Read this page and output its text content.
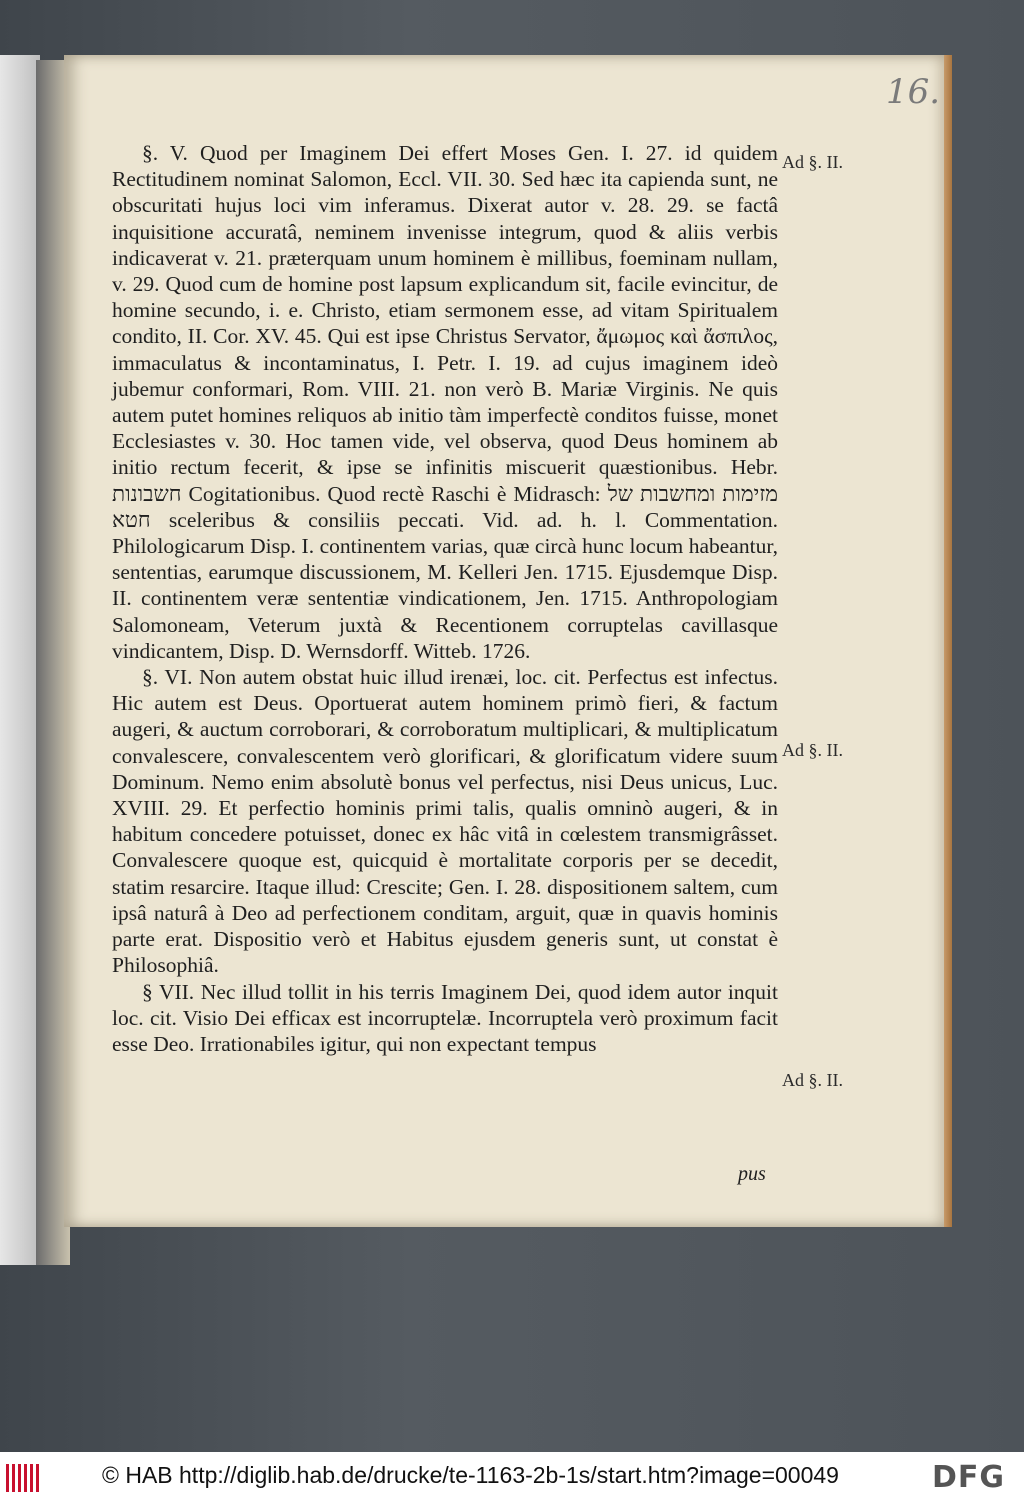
16.

§. V. Quod per Imaginem Dei effert Moses Gen. I. 27. id quidem Rectitudinem nominat Salomon, Eccl. VII. 30. Sed hæc ita capienda sunt, ne obscuritati hujus loci vim inferamus. Dixerat autor v. 28. 29. se factâ inquisitione accuratâ, neminem invenisse integrum, quod & aliis verbis indicaverat v. 21. præterquam unum hominem è millibus, foeminam nullam, v. 29. Quod cum de homine post lapsum explicandum sit, facile evincitur, de homine secundo, i. e. Christo, etiam sermonem esse, ad vitam Spiritualem condito, II. Cor. XV. 45. Qui est ipse Christus Servator, ἄμωμος καὶ ἄσπιλος, immaculatus & incontaminatus, I. Petr. I. 19. ad cujus imaginem ideò jubemur conformari, Rom. VIII. 21. non verò B. Mariæ Virginis. Ne quis autem putet homines reliquos ab initio tàm imperfectè conditos fuisse, monet Ecclesiastes v. 30. Hoc tamen vide, vel observa, quod Deus hominem ab initio rectum fecerit, & ipse se infinitis miscuerit quæstionibus. Hebr. חשבונות Cogitationibus. Quod rectè Raschi è Midrasch: מזימות ומחשבות של חטא sceleribus & consiliis peccati. Vid. ad. h. l. Commentation. Philologicarum Disp. I. continentem varias, quæ circà hunc locum habeantur, sententias, earumque discussionem, M. Kelleri Jen. 1715. Ejusdemque Disp. II. continentem veræ sententiæ vindicationem, Jen. 1715. Anthropologiam Salomoneam, Veterum juxtà & Recentionem corruptelas cavillasque vindicantem, Disp. D. Wernsdorff. Witteb. 1726.

§. VI. Non autem obstat huic illud irenæi, loc. cit. Perfectus est infectus. Hic autem est Deus. Oportuerat autem hominem primò fieri, & factum augeri, & auctum corroborari, & corroboratum multiplicari, & multiplicatum convalescere, convalescentem verò glorificari, & glorificatum videre suum Dominum. Nemo enim absolutè bonus vel perfectus, nisi Deus unicus, Luc. XVIII. 29. Et perfectio hominis primi talis, qualis omninò augeri, & in habitum concedere potuisset, donec ex hâc vitâ in cœlestem transmigrâsset. Convalescere quoque est, quicquid è mortalitate corporis per se decedit, statim resarcire. Itaque illud: Crescite; Gen. I. 28. dispositionem saltem, cum ipsâ naturâ à Deo ad perfectionem conditam, arguit, quæ in quavis hominis parte erat. Dispositio verò et Habitus ejusdem generis sunt, ut constat è Philosophiâ.

§ VII. Nec illud tollit in his terris Imaginem Dei, quod idem autor inquit loc. cit. Visio Dei efficax est incorruptelæ. Incorruptela verò proximum facit esse Deo. Irrationabiles igitur, qui non expectant tempus

Ad §. II.
Ad §. II.
Ad §. II.
pus
© HAB http://diglib.hab.de/drucke/te-1163-2b-1s/start.htm?image=00049	DFG
